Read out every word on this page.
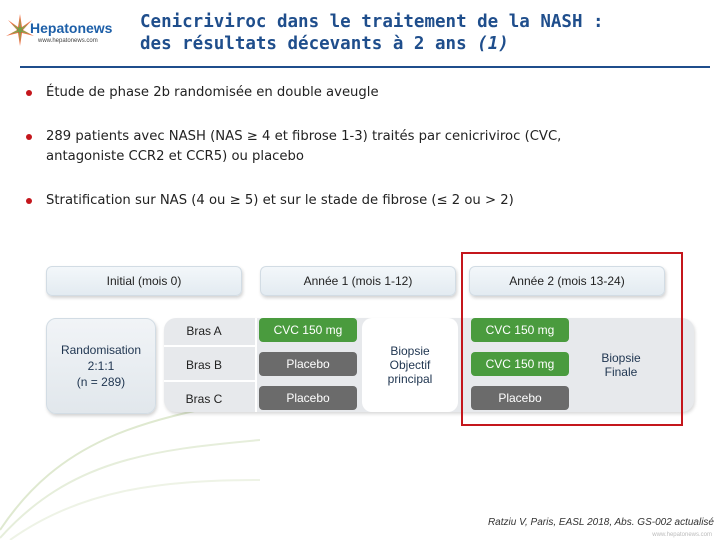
Hepatonews
www.hepatonews.com
Cenicriviroc dans le traitement de la NASH :
des résultats décevants à 2 ans (1)
Étude de phase 2b randomisée en double aveugle
289 patients avec NASH (NAS ≥ 4 et fibrose 1-3) traités par cenicriviroc (CVC, antagoniste CCR2 et CCR5) ou placebo
Stratification sur NAS (4 ou ≥ 5) et sur le stade de fibrose (≤ 2 ou > 2)
Initial (mois 0)	Année 1 (mois 1-12)	Année 2 (mois 13-24)
Randomisation
2:1:1
(n = 289)
Bras A
Bras B
Bras C
CVC 150 mg
Placebo
Placebo
Biopsie
Objectif
principal
CVC 150 mg
CVC 150 mg
Placebo
Biopsie
Finale
Ratziu V, Paris, EASL 2018, Abs. GS-002 actualisé
www.hepatonews.com
